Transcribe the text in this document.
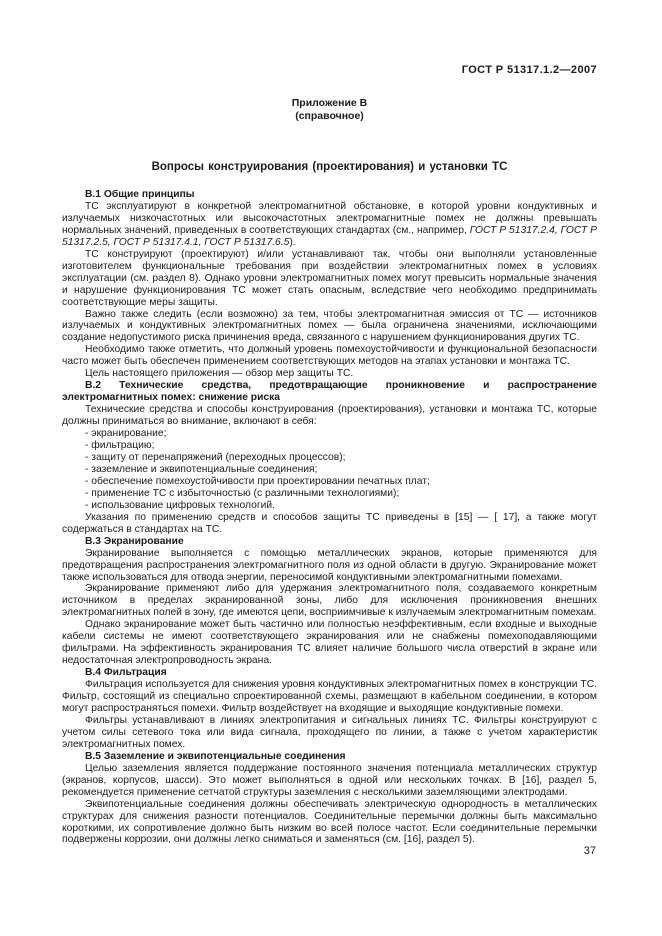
ГОСТ Р 51317.1.2—2007
Приложение В
(справочное)
Вопросы конструирования (проектирования) и установки ТС

В.1 Общие принципы

ТС эксплуатируют в конкретной электромагнитной обстановке, в которой уровни кондуктивных и излучаемых низкочастотных или высокочастотных электромагнитные помех не должны превышать нормальных значений, приведенных в соответствующих стандартах (см., например, ГОСТ Р 51317.2.4, ГОСТ Р 51317.2.5, ГОСТ Р 51317.4.1, ГОСТ Р 51317.6.5).

ТС конструируют (проектируют) и/или устанавливают так, чтобы они выполняли установленные изготовителем функциональные требования при воздействии электромагнитных помех в условиях эксплуатации (см. раздел 8). Однако уровни электромагнитных помех могут превысить нормальные значения и нарушение функционирования ТС может стать опасным, вследствие чего необходимо предпринимать соответствующие меры защиты.

Важно также следить (если возможно) за тем, чтобы электромагнитная эмиссия от ТС — источников излучаемых и кондуктивных электромагнитных помех — была ограничена значениями, исключающими создание недопустимого риска причинения вреда, связанного с нарушением функционирования других ТС.

Необходимо также отметить, что должный уровень помехоустойчивости и функциональной безопасности часто может быть обеспечен применением соответствующих методов на этапах установки и монтажа ТС.

Цель настоящего приложения — обзор мер защиты ТС.

В.2 Технические средства, предотвращающие проникновение и распространение электромагнитных помех: снижение риска

Технические средства и способы конструирования (проектирования), установки и монтажа ТС, которые должны приниматься во внимание, включают в себя:

- экранирование;

- фильтрацию;

- защиту от перенапряжений (переходных процессов);

- заземление и эквипотенциальные соединения;

- обеспечение помехоустойчивости при проектировании печатных плат;

- применение ТС с избыточностью (с различными технологиями);

- использование цифровых технологий.

Указания по применению средств и способов защиты ТС приведены в [15] — [ 17], а также могут содержаться в стандартах на ТС.

В.3 Экранирование

Экранирование выполняется с помощью металлических экранов, которые применяются для предотвращения распространения электромагнитного поля из одной области в другую. Экранирование может также использоваться для отвода энергии, переносимой кондуктивными электромагнитными помехами.

Экранирование применяют либо для удержания электромагнитного поля, создаваемого конкретным источником в пределах экранированной зоны, либо для исключения проникновения внешних электромагнитных полей в зону, где имеются цепи, восприимчивые к излучаемым электромагнитным помехам.

Однако экранирование может быть частично или полностью неэффективным, если входные и выходные кабели системы не имеют соответствующего экранирования или не снабжены помехоподавляющими фильтрами. На эффективность экранирования ТС влияет наличие большого числа отверстий в экране или недостаточная электропроводность экрана.

В.4 Фильтрация

Фильтрация используется для снижения уровня кондуктивных электромагнитных помех в конструкции ТС. Фильтр, состоящий из специально спроектированной схемы, размещают в кабельном соединении, в котором могут распространяться помехи. Фильтр воздействует на входящие и выходящие кондуктивные помехи.

Фильтры устанавливают в линиях электропитания и сигнальных линиях ТС. Фильтры конструируют с учетом силы сетевого тока или вида сигнала, проходящего по линии, а также с учетом характеристик электромагнитных помех.

В.5 Заземление и эквипотенциальные соединения

Целью заземления является поддержание постоянного значения потенциала металлических структур (экранов, корпусов, шасси). Это может выполняться в одной или нескольких точках. В [16], раздел 5, рекомендуется применение сетчатой структуры заземления с несколькими заземляющими электродами.

Эквипотенциальные соединения должны обеспечивать электрическую однородность в металлических структурах для снижения разности потенциалов. Соединительные перемычки должны быть максимально короткими, их сопротивление должно быть низким во всей полосе частот. Если соединительные перемычки подвержены коррозии, они должны легко сниматься и заменяться (см. [16], раздел 5).

37
